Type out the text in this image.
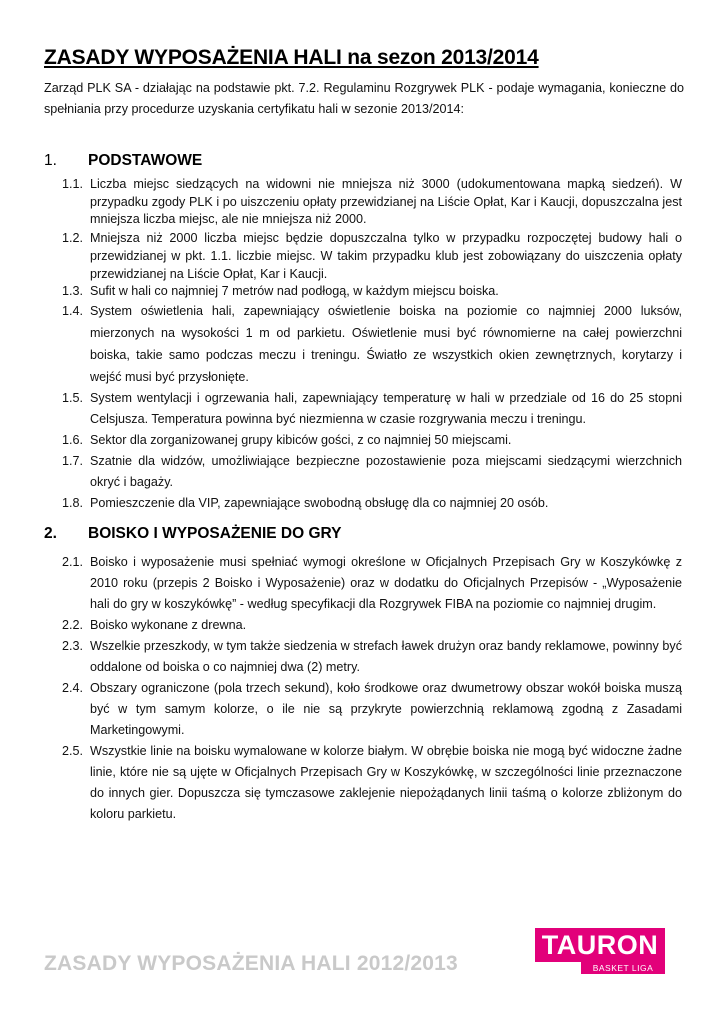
ZASADY WYPOSAŻENIA HALI na sezon 2013/2014
Zarząd PLK SA - działając na podstawie pkt. 7.2. Regulaminu Rozgrywek PLK - podaje wymagania, konieczne do spełniania przy procedurze uzyskania certyfikatu hali w sezonie 2013/2014:
1. PODSTAWOWE
1.1. Liczba miejsc siedzących na widowni nie mniejsza niż 3000 (udokumentowana mapką siedzeń). W przypadku zgody PLK i po uiszczeniu opłaty przewidzianej na Liście Opłat, Kar i Kaucji, dopuszczalna jest mniejsza liczba miejsc, ale nie mniejsza niż 2000.
1.2. Mniejsza niż 2000 liczba miejsc będzie dopuszczalna tylko w przypadku rozpoczętej budowy hali o przewidzianej w pkt. 1.1. liczbie miejsc. W takim przypadku klub jest zobowiązany do uiszczenia opłaty przewidzianej na Liście Opłat, Kar i Kaucji.
1.3. Sufit w hali co najmniej 7 metrów nad podłogą, w każdym miejscu boiska.
1.4. System oświetlenia hali, zapewniający oświetlenie boiska na poziomie co najmniej 2000 luksów, mierzonych na wysokości 1 m od parkietu. Oświetlenie musi być równomierne na całej powierzchni boiska, takie samo podczas meczu i treningu. Światło ze wszystkich okien zewnętrznych, korytarzy i wejść musi być przysłonięte.
1.5. System wentylacji i ogrzewania hali, zapewniający temperaturę w hali w przedziale od 16 do 25 stopni Celsjusza. Temperatura powinna być niezmienna w czasie rozgrywania meczu i treningu.
1.6. Sektor dla zorganizowanej grupy kibiców gości, z co najmniej 50 miejscami.
1.7. Szatnie dla widzów, umożliwiające bezpieczne pozostawienie poza miejscami siedzącymi wierzchnich okryć i bagaży.
1.8. Pomieszczenie dla VIP, zapewniające swobodną obsługę dla co najmniej 20 osób.
2. BOISKO I WYPOSAŻENIE DO GRY
2.1. Boisko i wyposażenie musi spełniać wymogi określone w Oficjalnych Przepisach Gry w Koszykówkę z 2010 roku (przepis 2 Boisko i Wyposażenie) oraz w dodatku do Oficjalnych Przepisów - „Wyposażenie hali do gry w koszykówkę” - według specyfikacji dla Rozgrywek FIBA na poziomie co najmniej drugim.
2.2. Boisko wykonane z drewna.
2.3. Wszelkie przeszkody, w tym także siedzenia w strefach ławek drużyn oraz bandy reklamowe, powinny być oddalone od boiska o co najmniej dwa (2) metry.
2.4. Obszary ograniczone (pola trzech sekund), koło środkowe oraz dwumetrowy obszar wokół boiska muszą być w tym samym kolorze, o ile nie są przykryte powierzchnią reklamową zgodną z Zasadami Marketingowymi.
2.5. Wszystkie linie na boisku wymalowane w kolorze białym. W obrębie boiska nie mogą być widoczne żadne linie, które nie są ujęte w Oficjalnych Przepisach Gry w Koszykówkę, w szczególności linie przeznaczone do innych gier. Dopuszcza się tymczasowe zaklejenie niepożądanych linii taśmą o kolorze zbliżonym do koloru parkietu.
ZASADY WYPOSAŻENIA HALI 2012/2013
TAURON
BASKET LIGA
